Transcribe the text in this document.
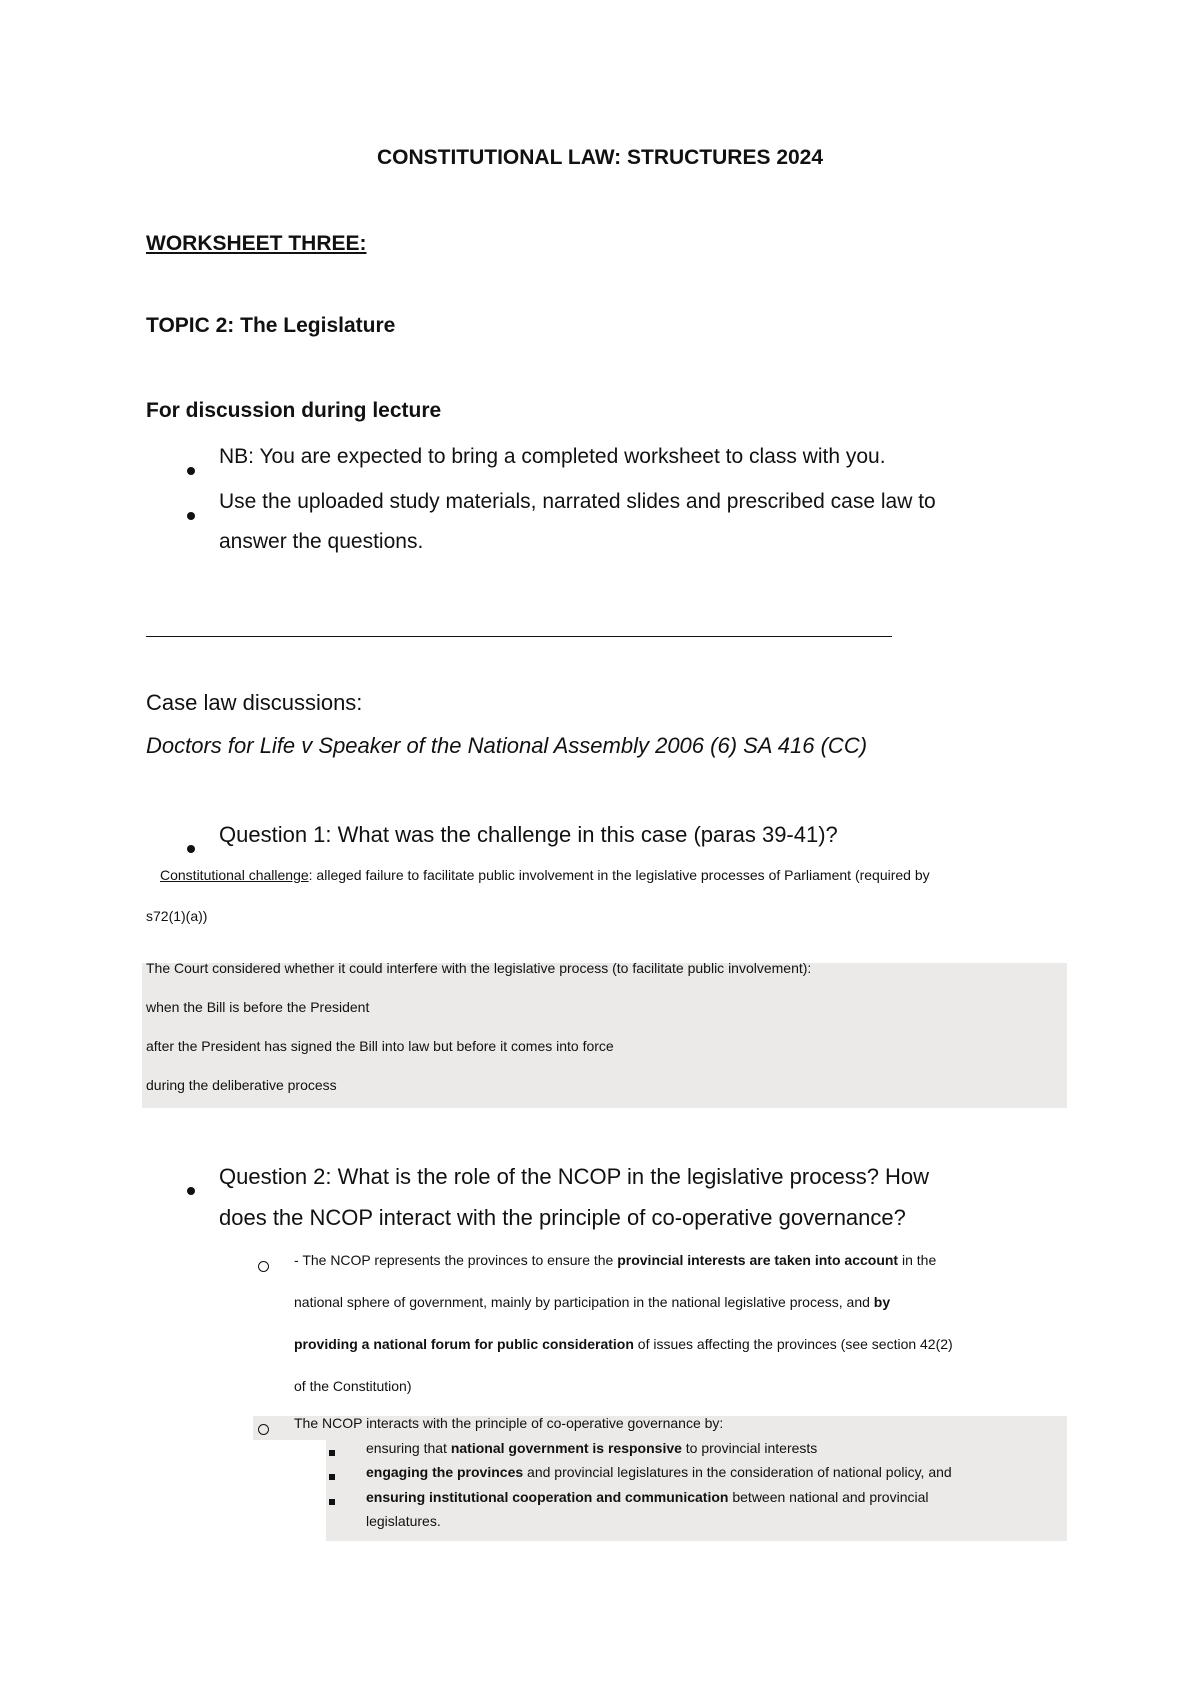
CONSTITUTIONAL LAW: STRUCTURES 2024
WORKSHEET THREE:
TOPIC 2: The Legislature
For discussion during lecture
NB: You are expected to bring a completed worksheet to class with you.
Use the uploaded study materials, narrated slides and prescribed case law to
answer the questions.
Case law discussions:
Doctors for Life v Speaker of the National Assembly 2006 (6) SA 416 (CC)
Question 1: What was the challenge in this case (paras 39-41)?
Constitutional challenge: alleged failure to facilitate public involvement in the legislative processes of Parliament (required by
s72(1)(a))
The Court considered whether it could interfere with the legislative process (to facilitate public involvement):
when the Bill is before the President
after the President has signed the Bill into law but before it comes into force
during the deliberative process
Question 2: What is the role of the NCOP in the legislative process? How
does the NCOP interact with the principle of co-operative governance?
- The NCOP represents the provinces to ensure the provincial interests are taken into account in the
national sphere of government, mainly by participation in the national legislative process, and by
providing a national forum for public consideration of issues affecting the provinces (see section 42(2)
of the Constitution)
The NCOP interacts with the principle of co-operative governance by:
ensuring that national government is responsive to provincial interests
engaging the provinces and provincial legislatures in the consideration of national policy, and
ensuring institutional cooperation and communication between national and provincial
legislatures.
